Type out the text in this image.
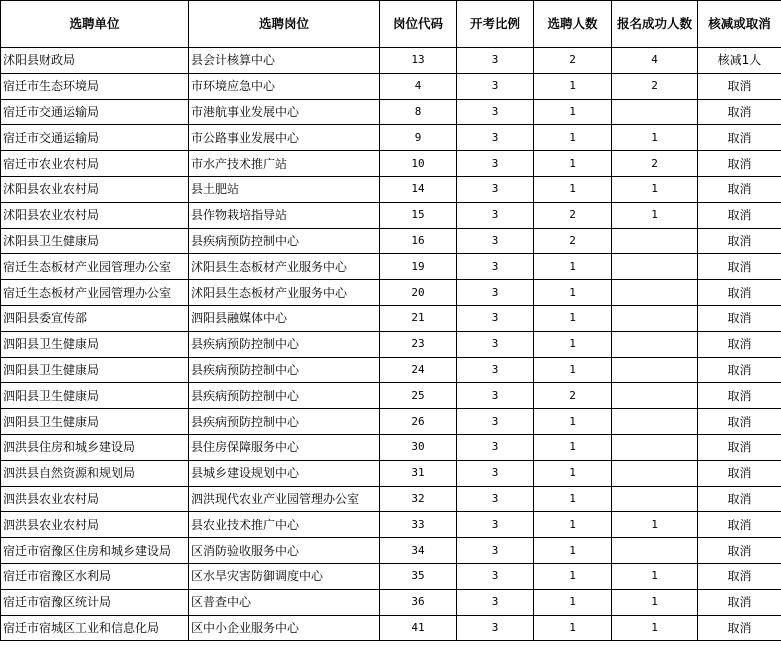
选聘单位	选聘岗位	岗位代码	开考比例	选聘人数	报名成功人数	核减或取消
沭阳县财政局	县会计核算中心	13	3	2	4	核减1人
宿迁市生态环境局	市环境应急中心	4	3	1	2	取消
宿迁市交通运输局	市港航事业发展中心	8	3	1		取消
宿迁市交通运输局	市公路事业发展中心	9	3	1	1	取消
宿迁市农业农村局	市水产技术推广站	10	3	1	2	取消
沭阳县农业农村局	县土肥站	14	3	1	1	取消
沭阳县农业农村局	县作物栽培指导站	15	3	2	1	取消
沭阳县卫生健康局	县疾病预防控制中心	16	3	2		取消
宿迁生态板材产业园管理办公室	沭阳县生态板材产业服务中心	19	3	1		取消
宿迁生态板材产业园管理办公室	沭阳县生态板材产业服务中心	20	3	1		取消
泗阳县委宣传部	泗阳县融媒体中心	21	3	1		取消
泗阳县卫生健康局	县疾病预防控制中心	23	3	1		取消
泗阳县卫生健康局	县疾病预防控制中心	24	3	1		取消
泗阳县卫生健康局	县疾病预防控制中心	25	3	2		取消
泗阳县卫生健康局	县疾病预防控制中心	26	3	1		取消
泗洪县住房和城乡建设局	县住房保障服务中心	30	3	1		取消
泗洪县自然资源和规划局	县城乡建设规划中心	31	3	1		取消
泗洪县农业农村局	泗洪现代农业产业园管理办公室	32	3	1		取消
泗洪县农业农村局	县农业技术推广中心	33	3	1	1	取消
宿迁市宿豫区住房和城乡建设局	区消防验收服务中心	34	3	1		取消
宿迁市宿豫区水利局	区水旱灾害防御调度中心	35	3	1	1	取消
宿迁市宿豫区统计局	区普查中心	36	3	1	1	取消
宿迁市宿城区工业和信息化局	区中小企业服务中心	41	3	1	1	取消
